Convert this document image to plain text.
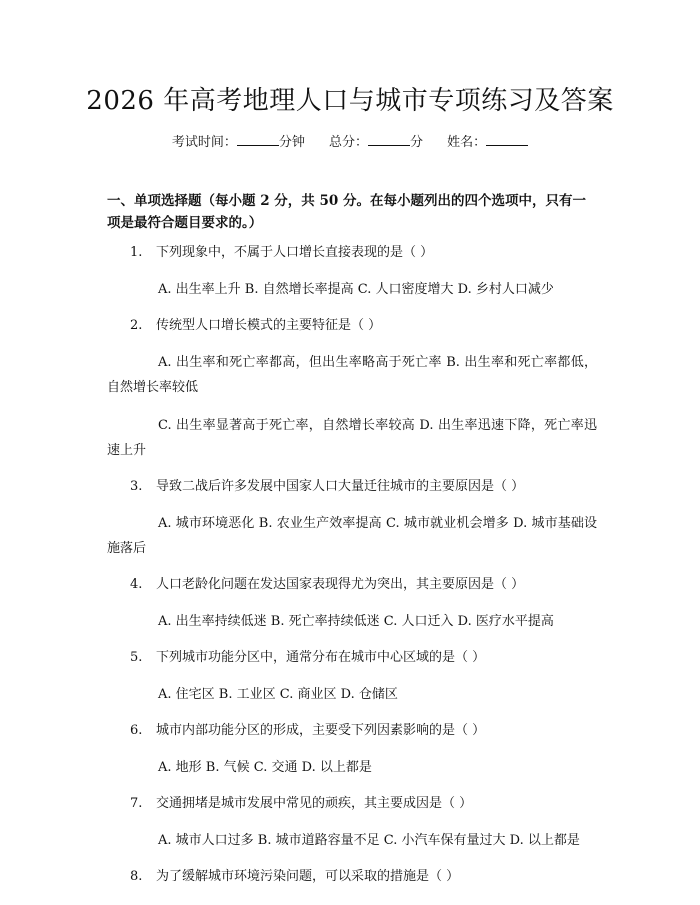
2026 年高考地理人口与城市专项练习及答案
考试时间：	分钟 总分：	分 姓名：
一、单项选择题（每小题 2 分，共 50 分。在每小题列出的四个选项中，只有一项是最符合题目要求的。）
1. 下列现象中，不属于人口增长直接表现的是（ ）
A. 出生率上升 B. 自然增长率提高 C. 人口密度增大 D. 乡村人口减少
2. 传统型人口增长模式的主要特征是（ ）
A. 出生率和死亡率都高，但出生率略高于死亡率 B. 出生率和死亡率都低，自然增长率较低
C. 出生率显著高于死亡率，自然增长率较高 D. 出生率迅速下降，死亡率迅速上升
3. 导致二战后许多发展中国家人口大量迁往城市的主要原因是（ ）
A. 城市环境恶化 B. 农业生产效率提高 C. 城市就业机会增多 D. 城市基础设施落后
4. 人口老龄化问题在发达国家表现得尤为突出，其主要原因是（ ）
A. 出生率持续低迷 B. 死亡率持续低迷 C. 人口迁入 D. 医疗水平提高
5. 下列城市功能分区中，通常分布在城市中心区域的是（ ）
A. 住宅区 B. 工业区 C. 商业区 D. 仓储区
6. 城市内部功能分区的形成，主要受下列因素影响的是（ ）
A. 地形 B. 气候 C. 交通 D. 以上都是
7. 交通拥堵是城市发展中常见的顽疾，其主要成因是（ ）
A. 城市人口过多 B. 城市道路容量不足 C. 小汽车保有量过大 D. 以上都是
8. 为了缓解城市环境污染问题，可以采取的措施是（ ）
